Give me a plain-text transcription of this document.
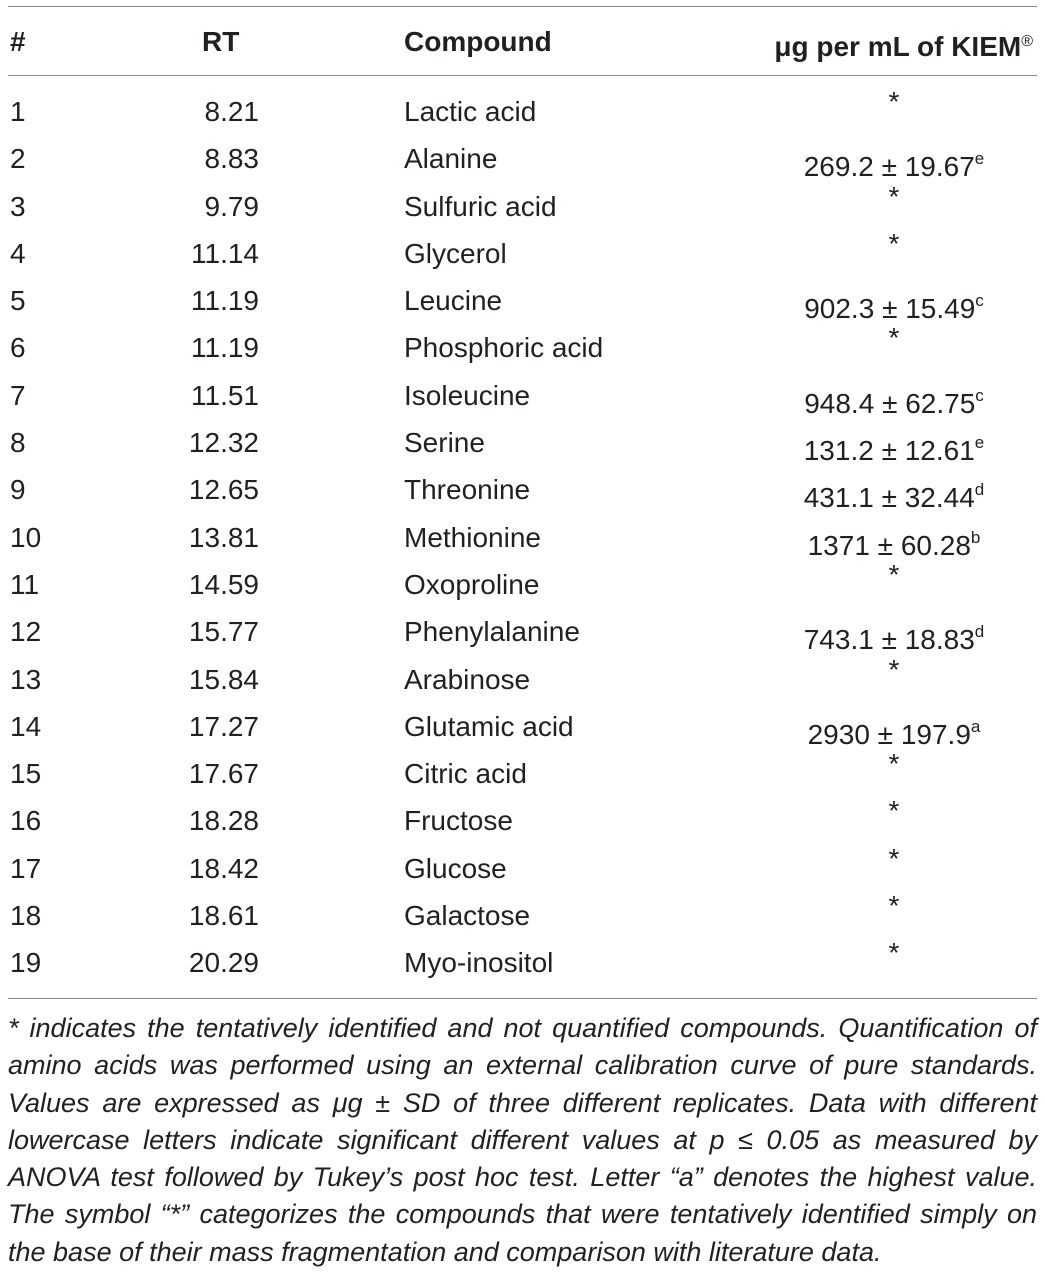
#	RT	Compound	μg per mL of KIEM®
1	8.21	Lactic acid	*
2	8.83	Alanine	269.2 ± 19.67$^e$
3	9.79	Sulfuric acid	*
4	11.14	Glycerol	*
5	11.19	Leucine	902.3 ± 15.49$^c$
6	11.19	Phosphoric acid	*
7	11.51	Isoleucine	948.4 ± 62.75$^c$
8	12.32	Serine	131.2 ± 12.61$^e$
9	12.65	Threonine	431.1 ± 32.44$^d$
10	13.81	Methionine	1371 ± 60.28$^b$
11	14.59	Oxoproline	*
12	15.77	Phenylalanine	743.1 ± 18.83$^d$
13	15.84	Arabinose	*
14	17.27	Glutamic acid	2930 ± 197.9$^a$
15	17.67	Citric acid	*
16	18.28	Fructose	*
17	18.42	Glucose	*
18	18.61	Galactose	*
19	20.29	Myo-inositol	*
* indicates the tentatively identified and not quantified compounds. Quantification of amino acids was performed using an external calibration curve of pure standards. Values are expressed as μg ± SD of three different replicates. Data with different lowercase letters indicate significant different values at p ≤ 0.05 as measured by ANOVA test followed by Tukey’s post hoc test. Letter “a” denotes the highest value. The symbol “*” categorizes the compounds that were tentatively identified simply on the base of their mass fragmentation and comparison with literature data.
